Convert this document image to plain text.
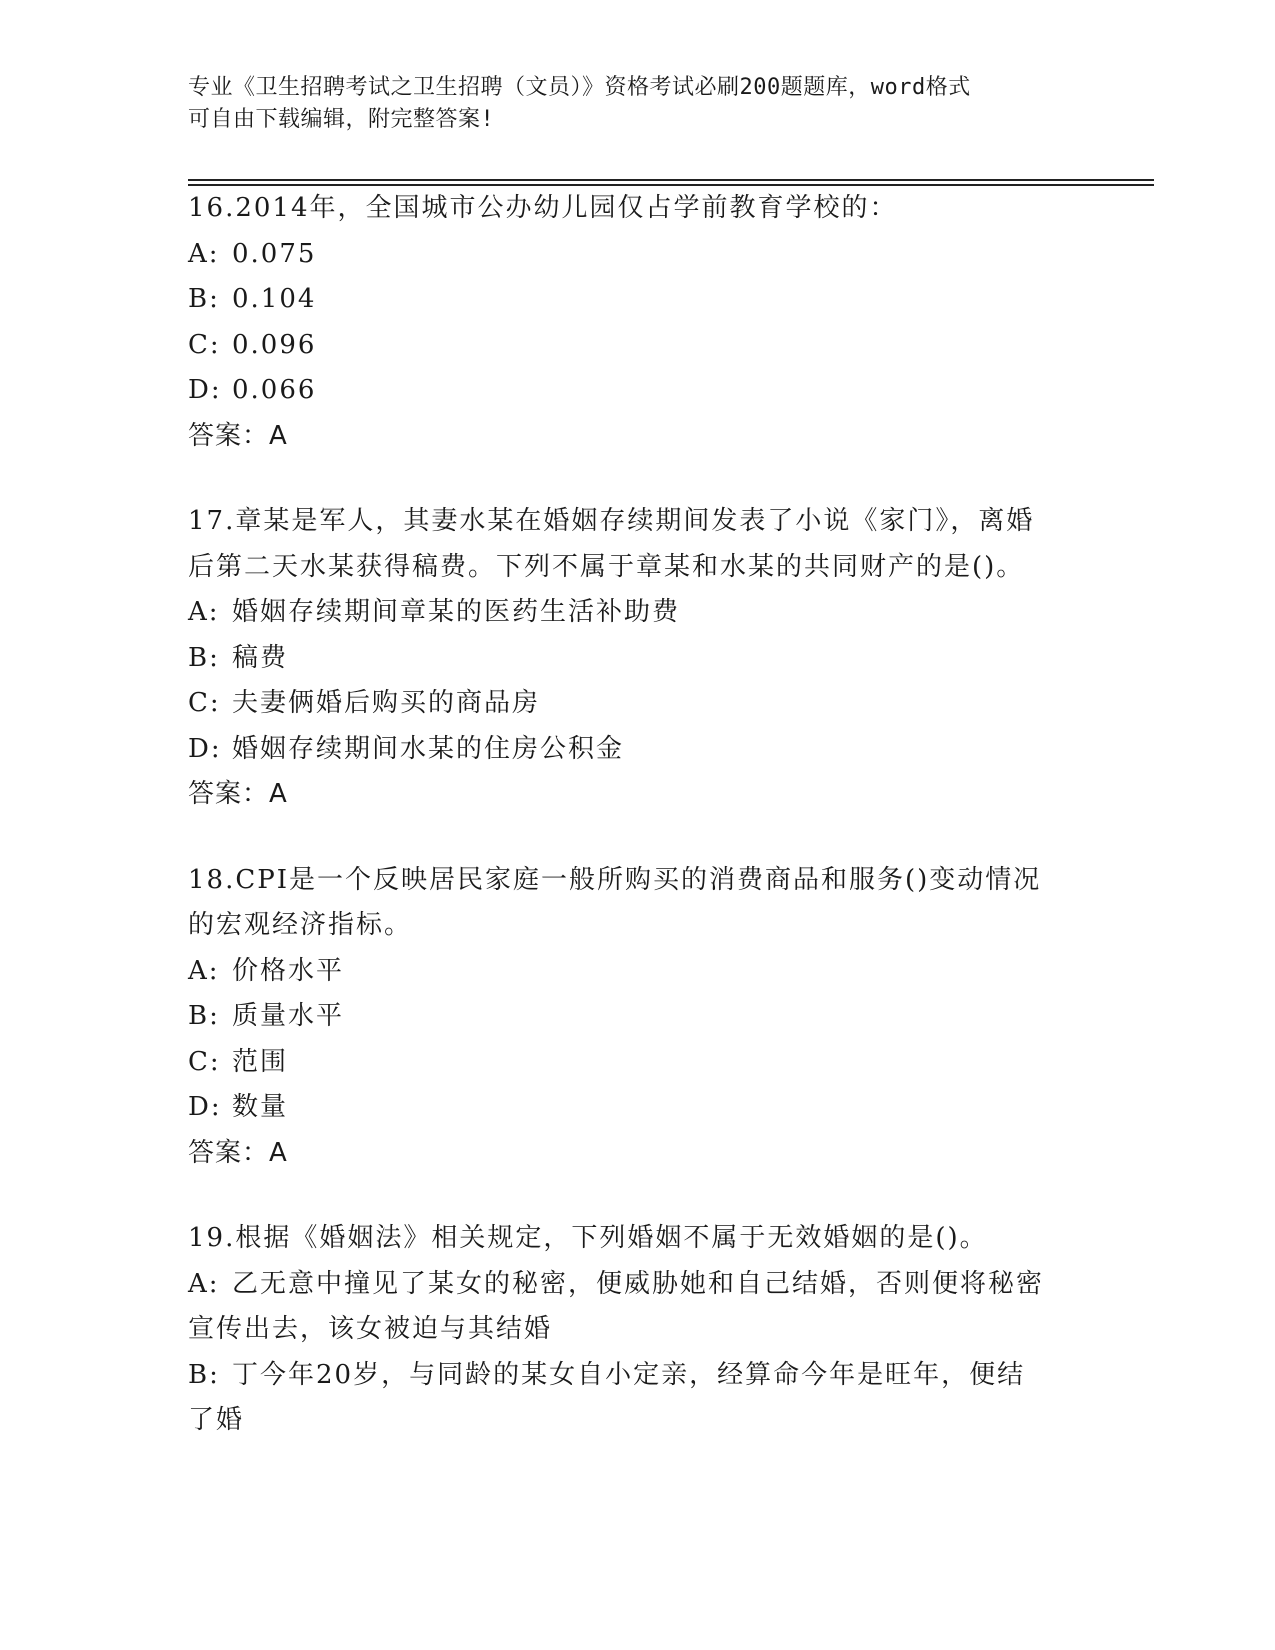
专业《卫生招聘考试之卫生招聘（文员）》资格考试必刷200题题库，word格式
可自由下载编辑，附完整答案!
16.2014年，全国城市公办幼儿园仅占学前教育学校的：
A: 0.075
B: 0.104
C: 0.096
D: 0.066
答案：A
17.章某是军人，其妻水某在婚姻存续期间发表了小说《家门》，离婚
后第二天水某获得稿费。下列不属于章某和水某的共同财产的是()。
A: 婚姻存续期间章某的医药生活补助费
B: 稿费
C: 夫妻俩婚后购买的商品房
D: 婚姻存续期间水某的住房公积金
答案：A
18.CPI是一个反映居民家庭一般所购买的消费商品和服务()变动情况
的宏观经济指标。
A: 价格水平
B: 质量水平
C: 范围
D: 数量
答案：A
19.根据《婚姻法》相关规定，下列婚姻不属于无效婚姻的是()。
A: 乙无意中撞见了某女的秘密，便威胁她和自己结婚，否则便将秘密
宣传出去，该女被迫与其结婚
B: 丁今年20岁，与同龄的某女自小定亲，经算命今年是旺年，便结
了婚
